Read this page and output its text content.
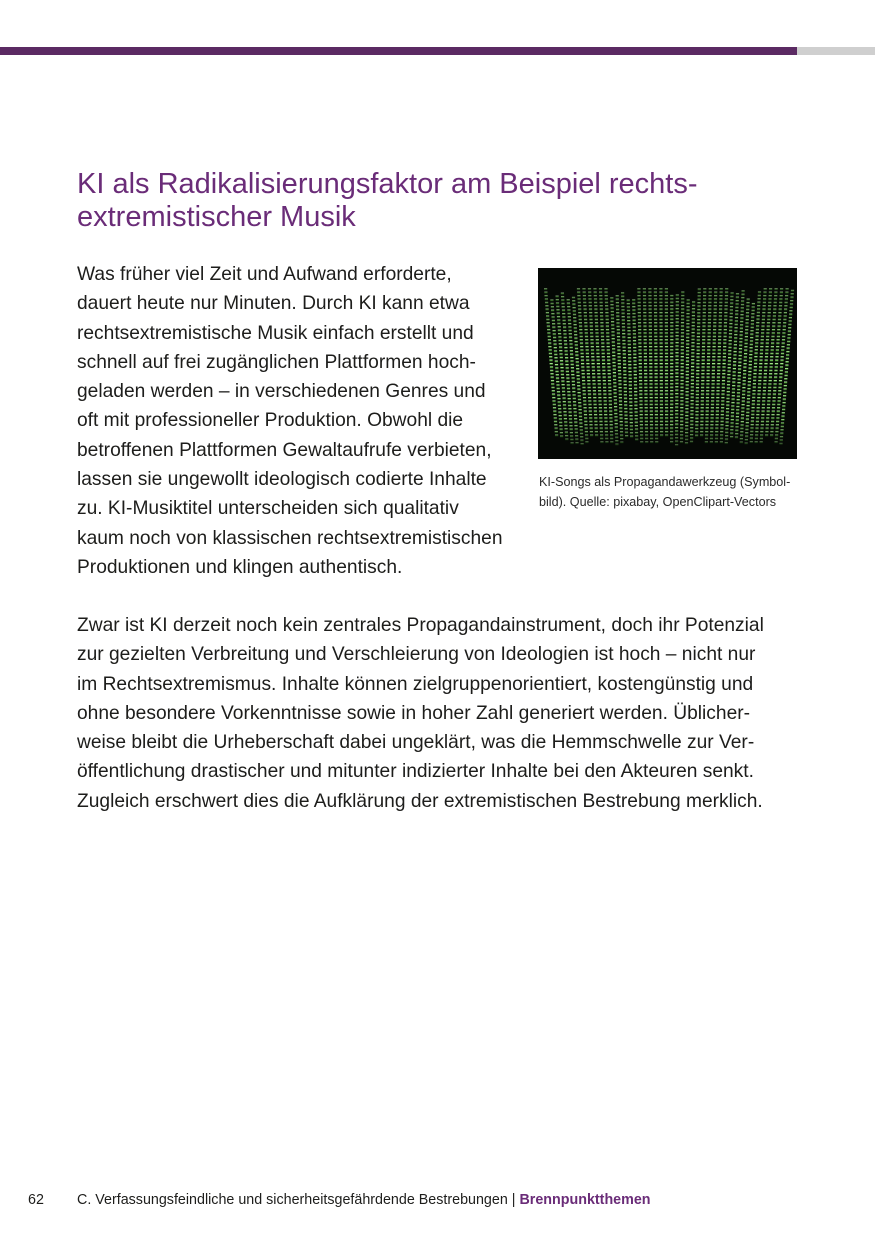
KI als Radikalisierungsfaktor am Beispiel rechts-
extremistischer Musik

Was früher viel Zeit und Aufwand erforderte,
dauert heute nur Minuten. Durch KI kann etwa
rechtsextremistische Musik einfach erstellt und
schnell auf frei zugänglichen Plattformen hoch-
geladen werden – in verschiedenen Genres und
oft mit professioneller Produktion. Obwohl die
betroffenen Plattformen Gewaltaufrufe verbieten,
lassen sie ungewollt ideologisch codierte Inhalte
zu. KI-Musiktitel unterscheiden sich qualitativ
kaum noch von klassischen rechtsextremistischen
Produktionen und klingen authentisch.

KI-Songs als Propagandawerkzeug (Symbol-
bild). Quelle: pixabay, OpenClipart-Vectors

Zwar ist KI derzeit noch kein zentrales Propagandainstrument, doch ihr Potenzial
zur gezielten Verbreitung und Verschleierung von Ideologien ist hoch – nicht nur
im Rechtsextremismus. Inhalte können zielgruppenorientiert, kostengünstig und
ohne besondere Vorkenntnisse sowie in hoher Zahl generiert werden. Üblicher-
weise bleibt die Urheberschaft dabei ungeklärt, was die Hemmschwelle zur Ver-
öffentlichung drastischer und mitunter indizierter Inhalte bei den Akteuren senkt.
Zugleich erschwert dies die Aufklärung der extremistischen Bestrebung merklich.

62 C. Verfassungsfeindliche und sicherheitsgefährdende Bestrebungen | Brennpunktthemen
